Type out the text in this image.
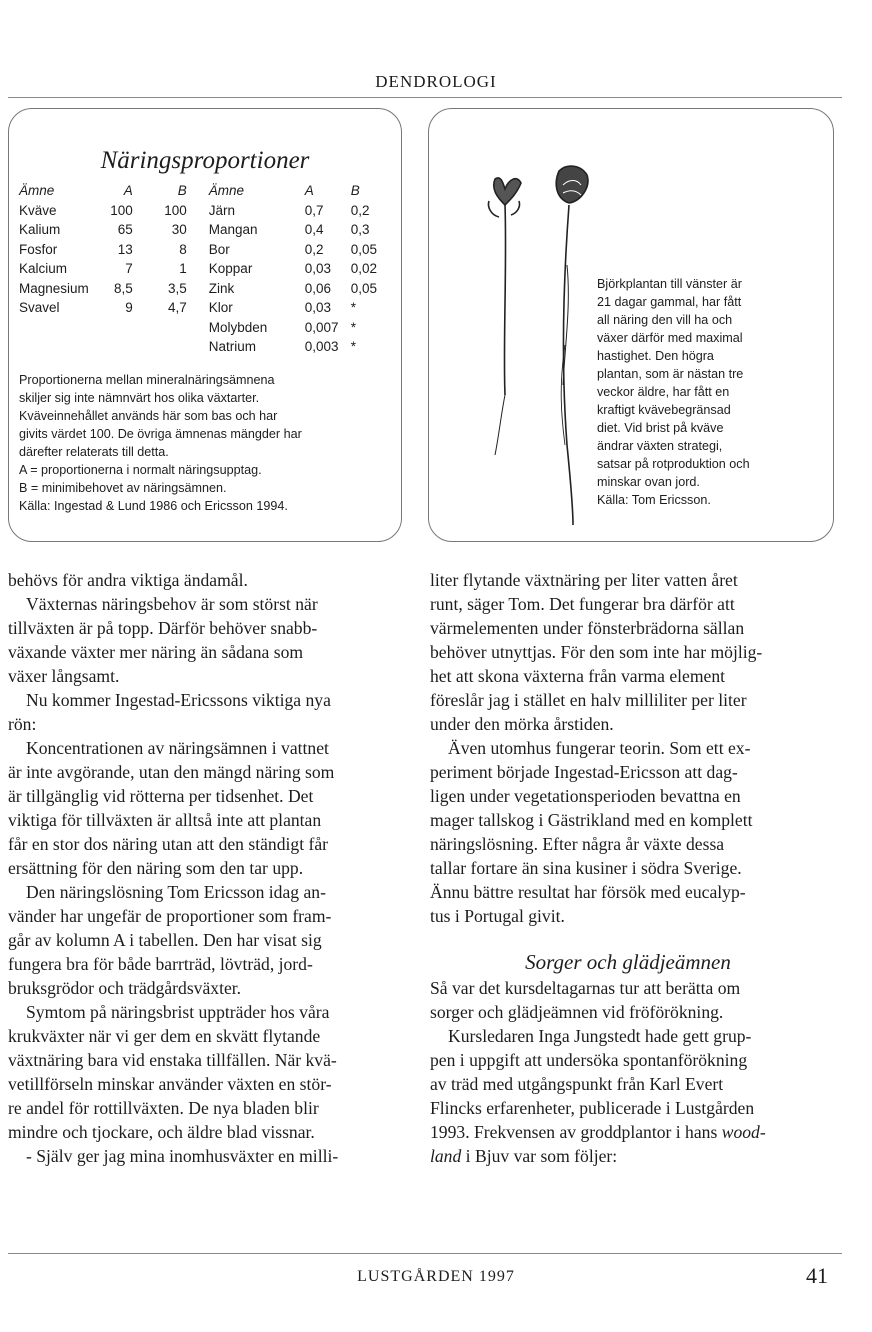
DENDROLOGI
Näringsproportioner
Ämne	A	B	Ämne	A	B
Kväve	100	100	Järn	0,7	0,2
Kalium	65	30	Mangan	0,4	0,3
Fosfor	13	8	Bor	0,2	0,05
Kalcium	7	1	Koppar	0,03	0,02
Magnesium	8,5	3,5	Zink	0,06	0,05
Svavel	9	4,7	Klor	0,03	*
			Molybden	0,007	*
			Natrium	0,003	*
Proportionerna mellan mineralnäringsämnena
skiljer sig inte nämnvärt hos olika växtarter.
Kväveinnehållet används här som bas och har
givits värdet 100. De övriga ämnenas mängder har
därefter relaterats till detta.
A = proportionerna i normalt näringsupptag.
B = minimibehovet av näringsämnen.
Källa: Ingestad & Lund 1986 och Ericsson 1994.
Björkplantan till vänster är
21 dagar gammal, har fått
all näring den vill ha och
växer därför med maximal
hastighet. Den högra
plantan, som är nästan tre
veckor äldre, har fått en
kraftigt kvävebegränsad
diet. Vid brist på kväve
ändrar växten strategi,
satsar på rotproduktion och
minskar ovan jord.
Källa: Tom Ericsson.
behövs för andra viktiga ändamål.
Växternas näringsbehov är som störst när
tillväxten är på topp. Därför behöver snabb-
växande växter mer näring än sådana som
växer långsamt.
Nu kommer Ingestad-Ericssons viktiga nya
rön:
Koncentrationen av näringsämnen i vattnet
är inte avgörande, utan den mängd näring som
är tillgänglig vid rötterna per tidsenhet. Det
viktiga för tillväxten är alltså inte att plantan
får en stor dos näring utan att den ständigt får
ersättning för den näring som den tar upp.
Den näringslösning Tom Ericsson idag an-
vänder har ungefär de proportioner som fram-
går av kolumn A i tabellen. Den har visat sig
fungera bra för både barrträd, lövträd, jord-
bruksgrödor och trädgårdsväxter.
Symtom på näringsbrist uppträder hos våra
krukväxter när vi ger dem en skvätt flytande
växtnäring bara vid enstaka tillfällen. När kvä-
vetillförseln minskar använder växten en stör-
re andel för rottillväxten. De nya bladen blir
mindre och tjockare, och äldre blad vissnar.
- Själv ger jag mina inomhusväxter en milli-
liter flytande växtnäring per liter vatten året
runt, säger Tom. Det fungerar bra därför att
värmelementen under fönsterbrädorna sällan
behöver utnyttjas. För den som inte har möjlig-
het att skona växterna från varma element
föreslår jag i stället en halv milliliter per liter
under den mörka årstiden.
Även utomhus fungerar teorin. Som ett ex-
periment började Ingestad-Ericsson att dag-
ligen under vegetationsperioden bevattna en
mager tallskog i Gästrikland med en komplett
näringslösning. Efter några år växte dessa
tallar fortare än sina kusiner i södra Sverige.
Ännu bättre resultat har försök med eucalyp-
tus i Portugal givit.
Sorger och glädjeämnen
Så var det kursdeltagarnas tur att berätta om
sorger och glädjeämnen vid fröförökning.
Kursledaren Inga Jungstedt hade gett grup-
pen i uppgift att undersöka spontanförökning
av träd med utgångspunkt från Karl Evert
Flincks erfarenheter, publicerade i Lustgården
1993. Frekvensen av groddplantor i hans wood-
land i Bjuv var som följer:
LUSTGÅRDEN 1997	41
